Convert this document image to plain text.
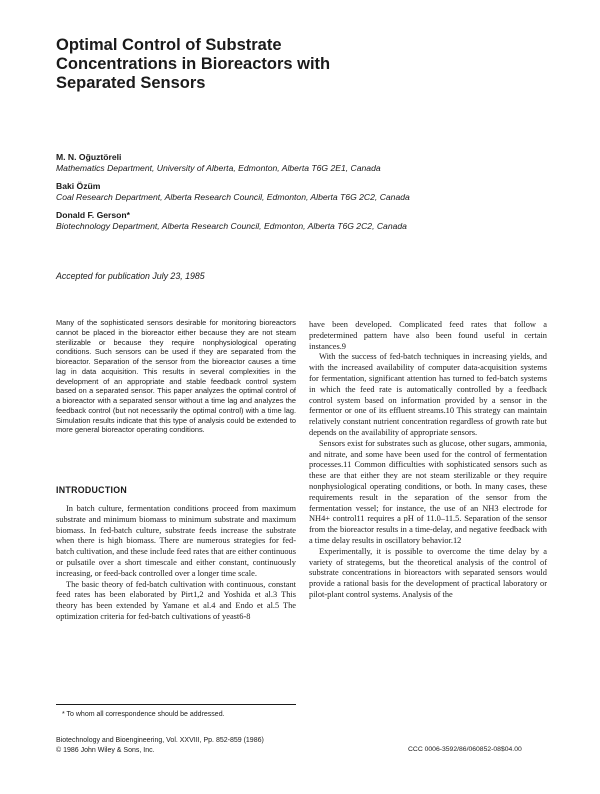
Optimal Control of Substrate
Concentrations in Bioreactors with
Separated Sensors
M. N. Oğuztöreli
Mathematics Department, University of Alberta, Edmonton, Alberta T6G 2E1, Canada
Baki Özüm
Coal Research Department, Alberta Research Council, Edmonton, Alberta T6G 2C2, Canada
Donald F. Gerson*
Biotechnology Department, Alberta Research Council, Edmonton, Alberta T6G 2C2, Canada
Accepted for publication July 23, 1985

Many of the sophisticated sensors desirable for monitoring bioreactors cannot be placed in the bioreactor either because they are not steam sterilizable or because they require nonphysiological operating conditions. Such sensors can be used if they are separated from the bioreactor. Separation of the sensor from the bioreactor causes a time lag in data acquisition. This results in several complexities in the development of an appropriate and stable feedback control system based on a separated sensor. This paper analyzes the optimal control of a bioreactor with a separated sensor without a time lag and analyzes the feedback control (but not necessarily the optimal control) with a time lag. Simulation results indicate that this type of analysis could be extended to more general bioreactor operating conditions.

INTRODUCTION

In batch culture, fermentation conditions proceed from maximum substrate and minimum biomass to minimum substrate and maximum biomass. In fed-batch culture, substrate feeds increase the substrate when there is high biomass. There are numerous strategies for fed-batch cultivation, and these include feed rates that are either continuous or pulsatile over a short timescale and either constant, continuously increasing, or feed-back controlled over a longer time scale.

The basic theory of fed-batch cultivation with continuous, constant feed rates has been elaborated by Pirt1,2 and Yoshida et al.3 This theory has been extended by Yamane et al.4 and Endo et al.5 The optimization criteria for fed-batch cultivations of yeast6-8

have been developed. Complicated feed rates that follow a predetermined pattern have also been found useful in certain instances.9

With the success of fed-batch techniques in increasing yields, and with the increased availability of computer data-acquisition systems for fermentation, significant attention has turned to fed-batch systems in which the feed rate is automatically controlled by a feedback control system based on information provided by a sensor in the fermentor or one of its effluent streams.10 This strategy can maintain relatively constant nutrient concentration regardless of growth rate but depends on the availability of appropriate sensors.

Sensors exist for substrates such as glucose, other sugars, ammonia, and nitrate, and some have been used for the control of fermentation processes.11 Common difficulties with sophisticated sensors such as these are that either they are not steam sterilizable or they require nonphysiological operating conditions, or both. In many cases, these requirements result in the separation of the sensor from the fermentation vessel; for instance, the use of an NH3 electrode for NH4+ control11 requires a pH of 11.0–11.5. Separation of the sensor from the bioreactor results in a time-delay, and negative feedback with a time delay results in oscillatory behavior.12

Experimentally, it is possible to overcome the time delay by a variety of strategems, but the theoretical analysis of the control of substrate concentrations in bioreactors with separated sensors would provide a rational basis for the development of practical laboratory or pilot-plant control systems. Analysis of the

* To whom all correspondence should be addressed.
Biotechnology and Bioengineering, Vol. XXVIII, Pp. 852-859 (1986)
© 1986 John Wiley & Sons, Inc.	CCC 0006-3592/86/060852-08$04.00
